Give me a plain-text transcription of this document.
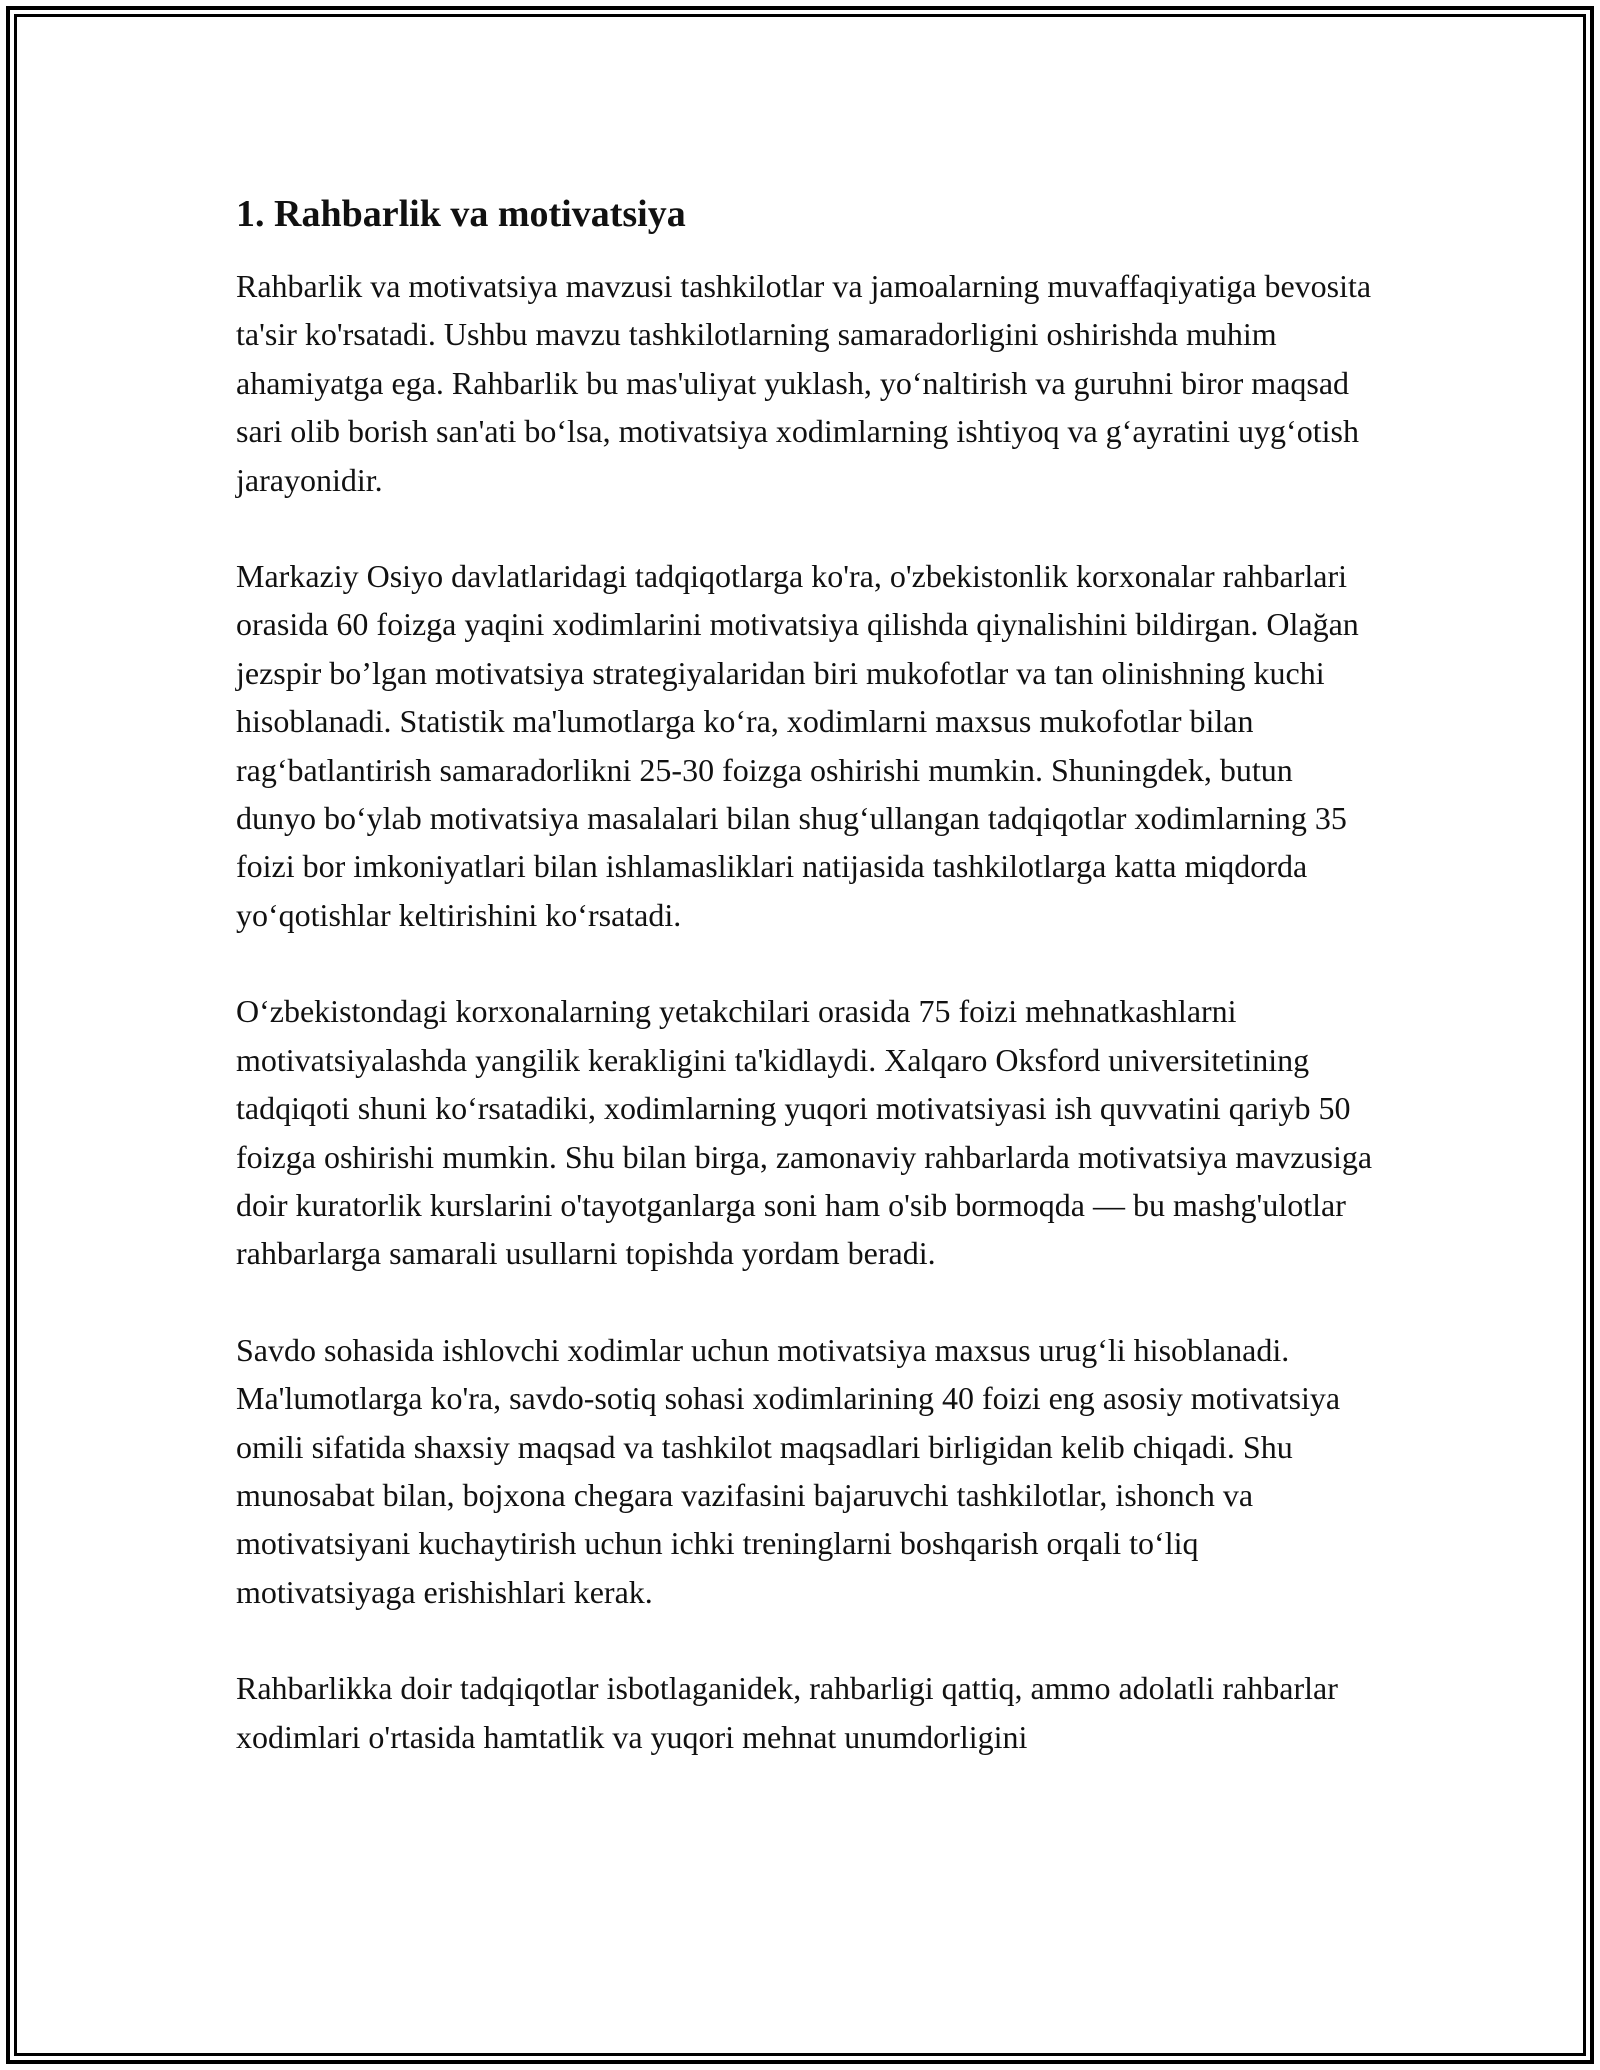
1. Rahbarlik va motivatsiya

Rahbarlik va motivatsiya mavzusi tashkilotlar va jamoalarning muvaffaqiyatiga bevosita ta'sir ko'rsatadi. Ushbu mavzu tashkilotlarning samaradorligini oshirishda muhim ahamiyatga ega. Rahbarlik bu mas'uliyat yuklash, yo‘naltirish va guruhni biror maqsad sari olib borish san'ati bo‘lsa, motivatsiya xodimlarning ishtiyoq va g‘ayratini uyg‘otish jarayonidir.

Markaziy Osiyo davlatlaridagi tadqiqotlarga ko'ra, o'zbekistonlik korxonalar rahbarlari orasida 60 foizga yaqini xodimlarini motivatsiya qilishda qiynalishini bildirgan. Olağan jezspir bo’lgan motivatsiya strategiyalaridan biri mukofotlar va tan olinishning kuchi hisoblanadi. Statistik ma'lumotlarga ko‘ra, xodimlarni maxsus mukofotlar bilan rag‘batlantirish samaradorlikni 25-30 foizga oshirishi mumkin. Shuningdek, butun dunyo bo‘ylab motivatsiya masalalari bilan shug‘ullangan tadqiqotlar xodimlarning 35 foizi bor imkoniyatlari bilan ishlamasliklari natijasida tashkilotlarga katta miqdorda yo‘qotishlar keltirishini ko‘rsatadi.

O‘zbekistondagi korxonalarning yetakchilari orasida 75 foizi mehnatkashlarni motivatsiyalashda yangilik kerakligini ta'kidlaydi. Xalqaro Oksford universitetining tadqiqoti shuni ko‘rsatadiki, xodimlarning yuqori motivatsiyasi ish quvvatini qariyb 50 foizga oshirishi mumkin. Shu bilan birga, zamonaviy rahbarlarda motivatsiya mavzusiga doir kuratorlik kurslarini o'tayotganlarga soni ham o'sib bormoqda — bu mashg'ulotlar rahbarlarga samarali usullarni topishda yordam beradi.

Savdo sohasida ishlovchi xodimlar uchun motivatsiya maxsus urug‘li hisoblanadi. Ma'lumotlarga ko'ra, savdo-sotiq sohasi xodimlarining 40 foizi eng asosiy motivatsiya omili sifatida shaxsiy maqsad va tashkilot maqsadlari birligidan kelib chiqadi. Shu munosabat bilan, bojxona chegara vazifasini bajaruvchi tashkilotlar, ishonch va motivatsiyani kuchaytirish uchun ichki treninglarni boshqarish orqali to‘liq motivatsiyaga erishishlari kerak.

Rahbarlikka doir tadqiqotlar isbotlaganidek, rahbarligi qattiq, ammo adolatli rahbarlar xodimlari o'rtasida hamtatlik va yuqori mehnat unumdorligini
